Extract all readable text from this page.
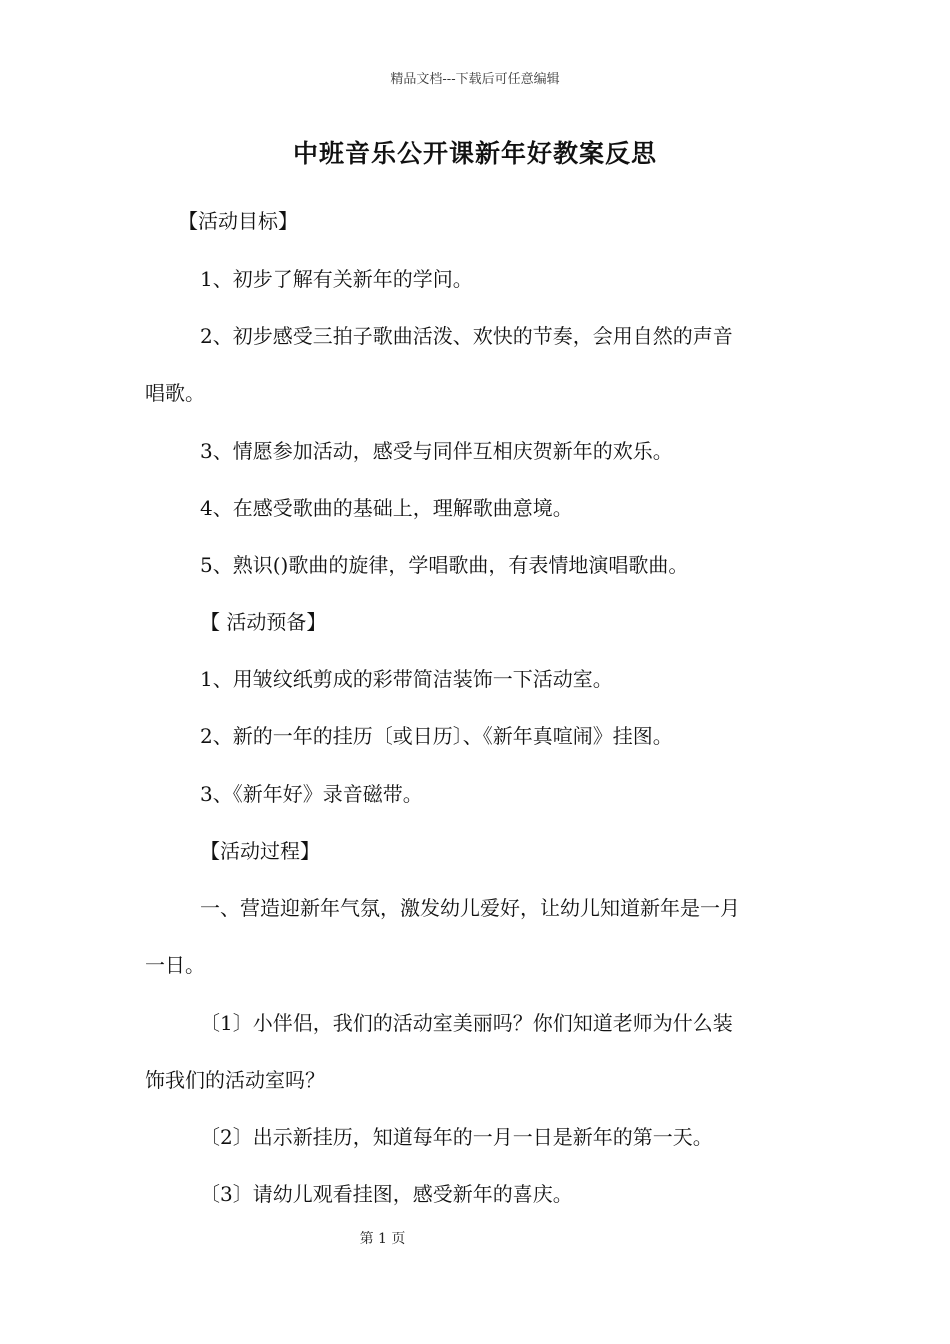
精品文档---下载后可任意编辑
中班音乐公开课新年好教案反思
【活动目标】
1、初步了解有关新年的学问。
2、初步感受三拍子歌曲活泼、欢快的节奏，会用自然的声音
唱歌。
3、情愿参加活动，感受与同伴互相庆贺新年的欢乐。
4、在感受歌曲的基础上，理解歌曲意境。
5、熟识()歌曲的旋律，学唱歌曲，有表情地演唱歌曲。
【 活动预备】
1、用皱纹纸剪成的彩带简洁装饰一下活动室。
2、新的一年的挂历〔或日历〕、《新年真喧闹》挂图。
3、《新年好》录音磁带。
【活动过程】
一、营造迎新年气氛，激发幼儿爱好，让幼儿知道新年是一月
一日。
〔1〕小伴侣，我们的活动室美丽吗？你们知道老师为什么装
饰我们的活动室吗？
〔2〕出示新挂历，知道每年的一月一日是新年的第一天。
〔3〕请幼儿观看挂图，感受新年的喜庆。
第 1 页
